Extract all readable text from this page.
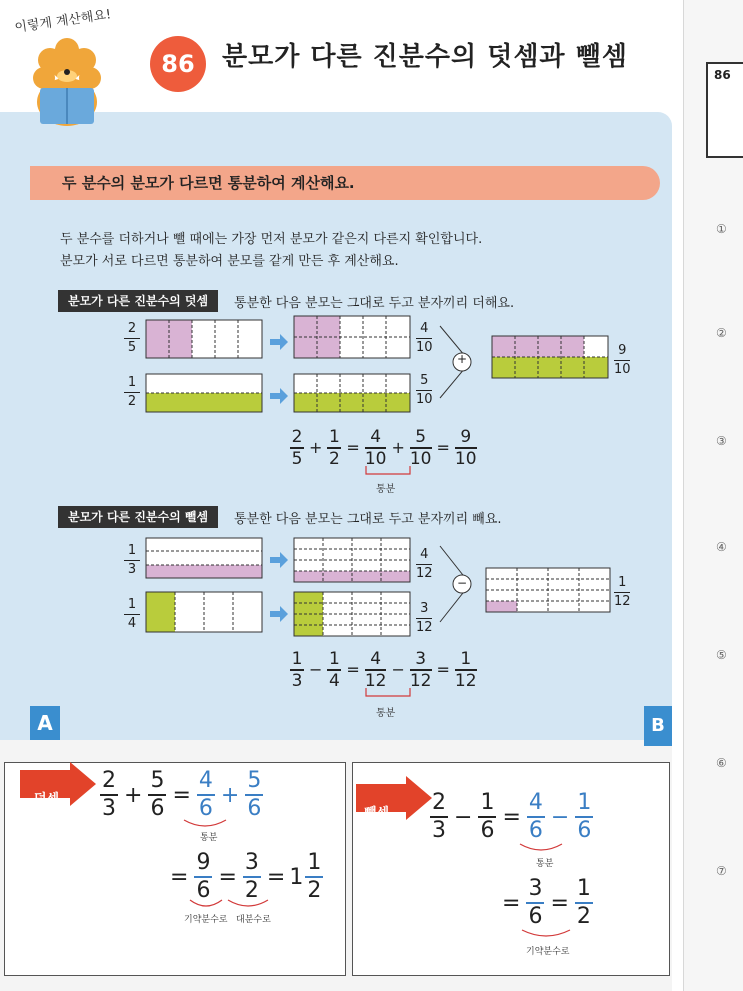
86
①
②
③
④
⑤
⑥
⑦
이렇게 계산해요!
86	분모가 다른 진분수의 덧셈과 뺄셈
두 분수의 분모가 다르면 통분하여 계산해요.
두 분수를 더하거나 뺄 때에는 가장 먼저 분모가 같은지 다른지 확인합니다.
분모가 서로 다르면 통분하여 분모를 같게 만든 후 계산해요.
분모가 다른 진분수의 덧셈	통분한 다음 분모는 그대로 두고 분자끼리 더해요.
+
2
5
1
2
4
10
5
10
9
10
2
5
+
1
2
=
4
10
+
5
10
=
9
10
통분
분모가 다른 진분수의 뺄셈	통분한 다음 분모는 그대로 두고 분자끼리 빼요.
−
1
3
1
4
4
12
3
12
1
12
1
3
−
1
4
=
4
12
−
3
12
=
1
12
통분
A	B
덧셈
뺄셈
2
3
+
5
6
=
4
6
+
5
6
통분
=
9
6
=
3
2
= 1
1
2
기약분수로 대분수로
2
3
−
1
6
=
4
6
−
1
6
통분
=
3
6
=
1
2
기약분수로
